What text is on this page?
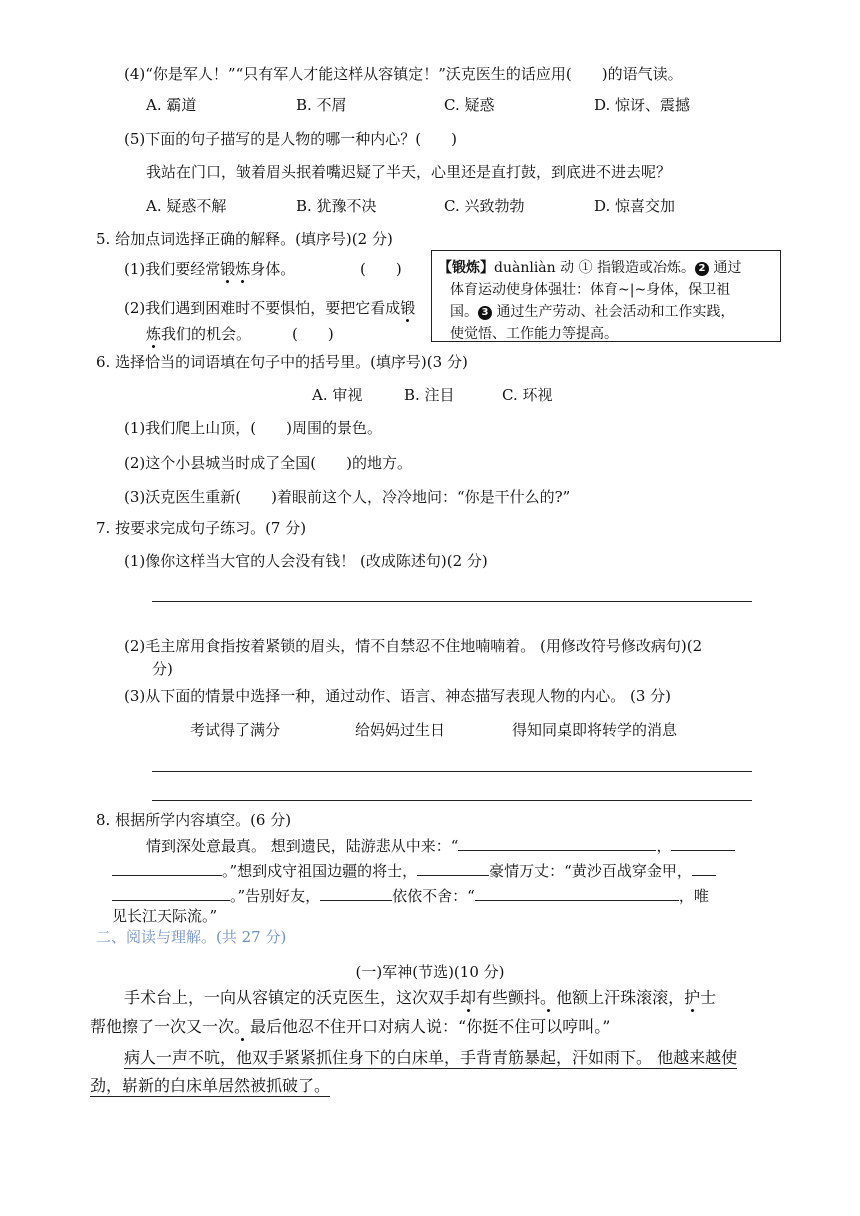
(4)“你是军人！”“只有军人才能这样从容镇定！”沃克医生的话应用(　　)的语气读。
A. 霸道	B. 不屑	C. 疑惑	D. 惊讶、震撼
(5)下面的句子描写的是人物的哪一种内心？(　　)
我站在门口，皱着眉头抿着嘴迟疑了半天，心里还是直打鼓，到底进不进去呢？
A. 疑惑不解	B. 犹豫不决	C. 兴致勃勃	D. 惊喜交加
5. 给加点词选择正确的解释。(填序号)(2 分)
(1)我们要经常锻炼身体。	(　　)
(2)我们遇到困难时不要惧怕，要把它看成锻
炼我们的机会。	(　　)

【锻炼】duànliàn 动 ① 指锻造或冶炼。 2 通过

体育运动使身体强壮：体育~|~身体，保卫祖

国。 3 通过生产劳动、社会活动和工作实践，

使觉悟、工作能力等提高。

6. 选择恰当的词语填在句子中的括号里。(填序号)(3 分)
A. 审视	B. 注目	C. 环视
(1)我们爬上山顶，(　　)周围的景色。
(2)这个小县城当时成了全国(　　)的地方。
(3)沃克医生重新(　　)着眼前这个人，冷冷地问：“你是干什么的?”
7. 按要求完成句子练习。(7 分)
(1)像你这样当大官的人会没有钱！ (改成陈述句)(2 分)
(2)毛主席用食指按着紧锁的眉头，情不自禁忍不住地喃喃着。 (用修改符号修改病句)(2
分)
(3)从下面的情景中选择一种，通过动作、语言、神态描写表现人物的内心。 (3 分)
考试得了满分	给妈妈过生日	得知同桌即将转学的消息
8. 根据所学内容填空。(6 分)
情到深处意最真。 想到遗民，陆游悲从中来：“	，
。”想到戍守祖国边疆的将士，	豪情万丈：“黄沙百战穿金甲，
。”告别好友，	依依不舍：“	，唯
见长江天际流。”
二、阅读与理解。(共 27 分)
(一)军神(节选)(10 分)
手术台上，一向从容镇定的沃克医生，这次双手却有些颤抖。他额上汗珠滚滚，护士
帮他擦了一次又一次。最后他忍不住开口对病人说：“你挺不住可以哼叫。”
病人一声不吭，他双手紧紧抓住身下的白床单，手背青筋暴起，汗如雨下。 他越来越使
劲，崭新的白床单居然被抓破了。
